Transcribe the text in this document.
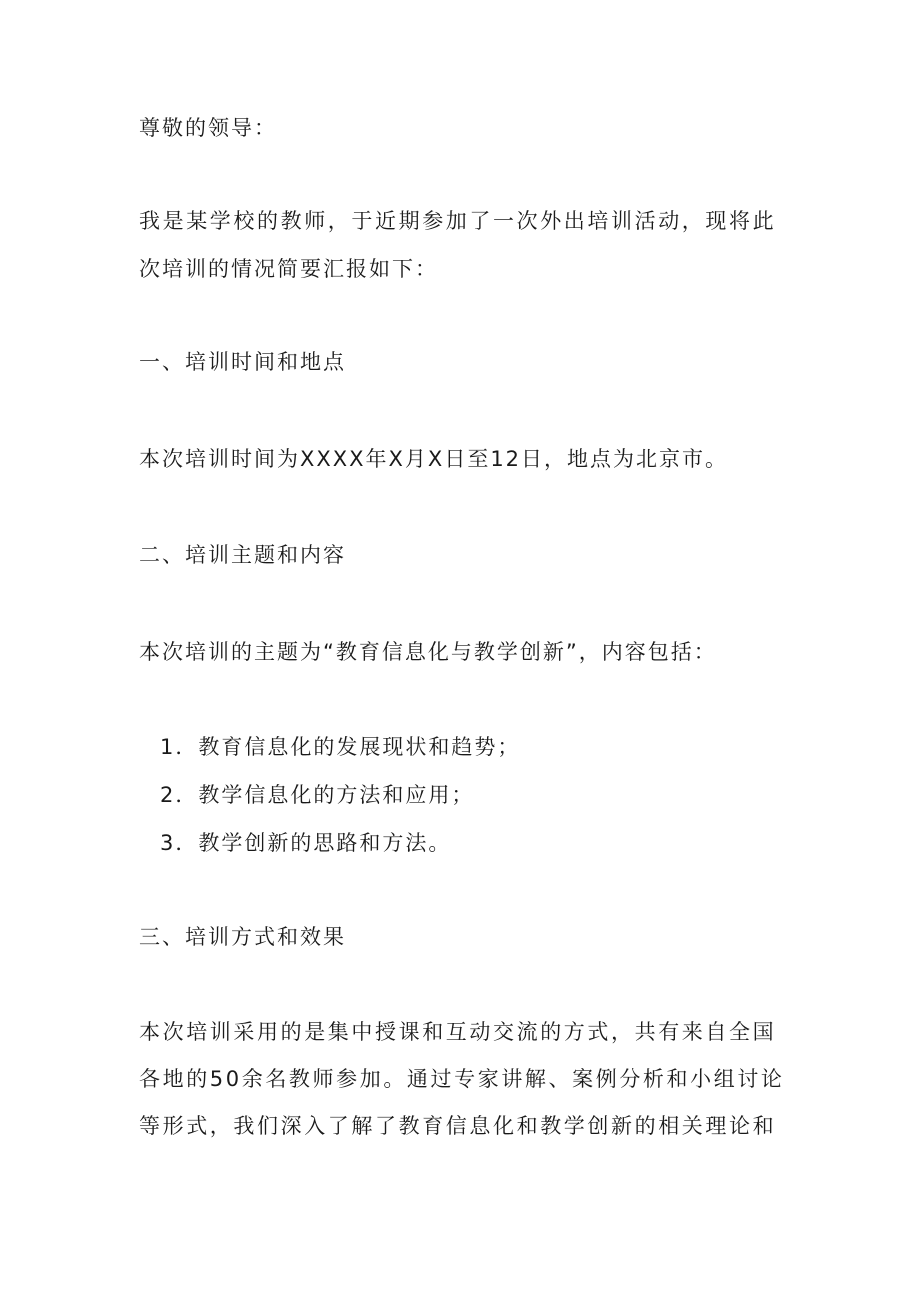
尊敬的领导：
我是某学校的教师，于近期参加了一次外出培训活动，现将此
次培训的情况简要汇报如下：
一、培训时间和地点
本次培训时间为XXXX年X月X日至12日，地点为北京市。
二、培训主题和内容
本次培训的主题为“教育信息化与教学创新”，内容包括：
1．教育信息化的发展现状和趋势；
2．教学信息化的方法和应用；
3．教学创新的思路和方法。
三、培训方式和效果
本次培训采用的是集中授课和互动交流的方式，共有来自全国
各地的50余名教师参加。通过专家讲解、案例分析和小组讨论
等形式，我们深入了解了教育信息化和教学创新的相关理论和
